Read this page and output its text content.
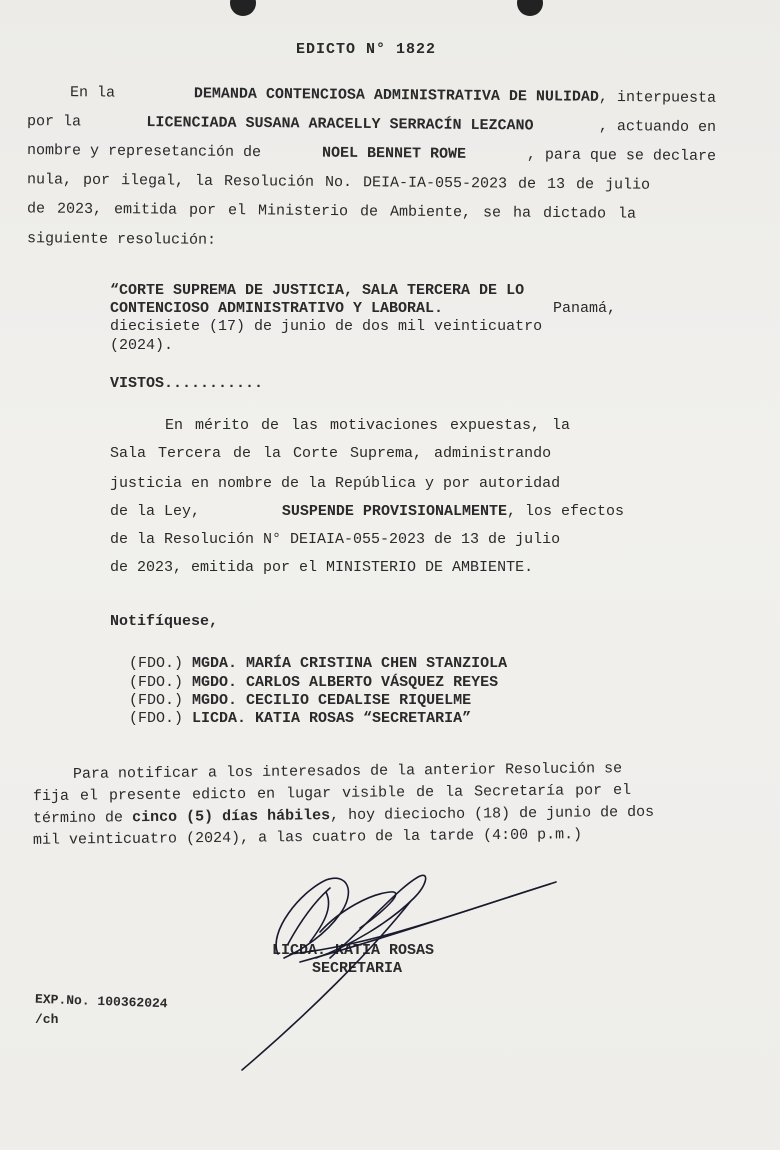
EDICTO N° 1822
En la	DEMANDA CONTENCIOSA ADMINISTRATIVA DE NULIDAD, interpuesta
por la	LICENCIADA SUSANA ARACELLY SERRACÍN LEZCANO	, actuando en
nombre y represetanción de	NOEL BENNET ROWE	, para que se declare
nula, por ilegal, la Resolución No. DEIA-IA-055-2023 de 13 de julio
de 2023, emitida por el Ministerio de Ambiente, se ha dictado la
siguiente resolución:
“CORTE SUPREMA DE JUSTICIA, SALA TERCERA DE LO
CONTENCIOSO ADMINISTRATIVO Y LABORAL.	Panamá,
diecisiete (17) de junio de dos mil veinticuatro
(2024).
VISTOS...........
En mérito de las motivaciones expuestas, la
Sala Tercera de la Corte Suprema, administrando
justicia en nombre de la República y por autoridad
de la Ley,	SUSPENDE PROVISIONALMENTE, los efectos
de la Resolución N° DEIAIA-055-2023 de 13 de julio
de 2023, emitida por el MINISTERIO DE AMBIENTE.
Notifíquese,
(FDO.) MGDA. MARÍA CRISTINA CHEN STANZIOLA
(FDO.) MGDO. CARLOS ALBERTO VÁSQUEZ REYES
(FDO.) MGDO. CECILIO CEDALISE RIQUELME
(FDO.) LICDA. KATIA ROSAS “SECRETARIA”
Para notificar a los interesados de la anterior Resolución se
fija el presente edicto en lugar visible de la Secretaría por el
término de cinco (5) días hábiles, hoy dieciocho (18) de junio de dos
mil veinticuatro (2024), a las cuatro de la tarde (4:00 p.m.)
LICDA. KATIA ROSAS
SECRETARIA
EXP.No. 100362024
/ch
